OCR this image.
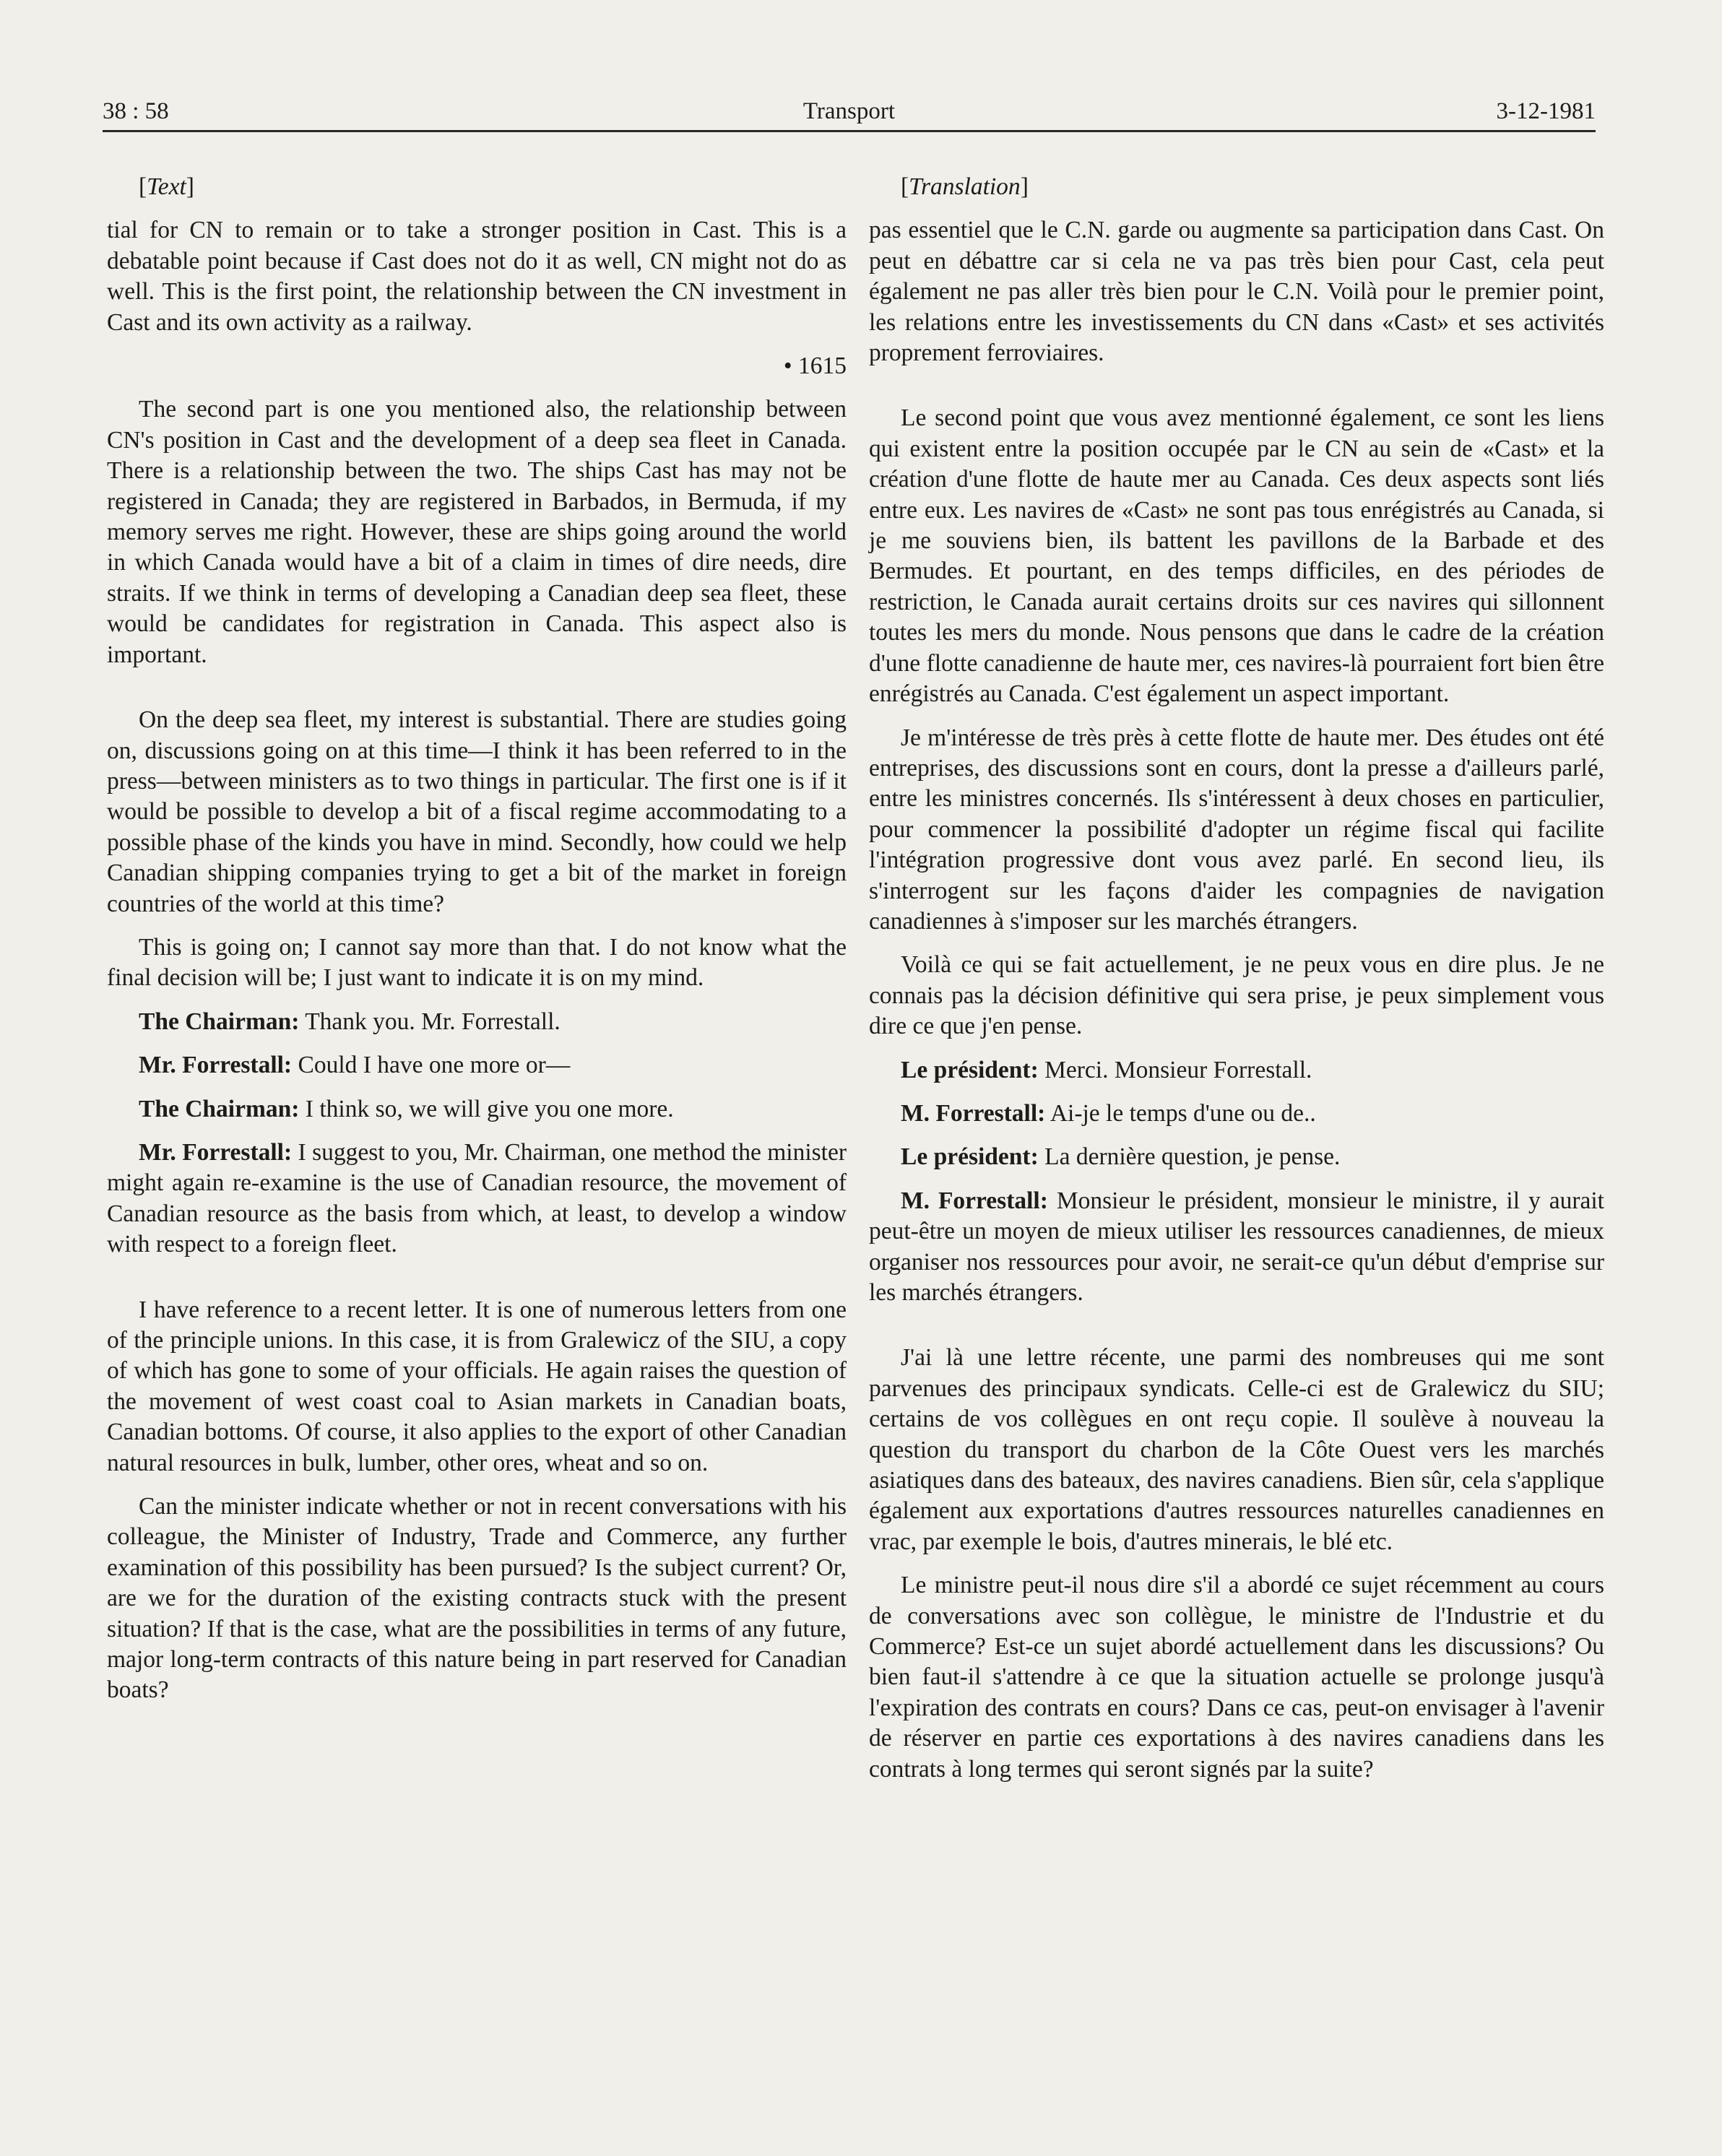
38 : 58	Transport	3-12-1981

[Text]

tial for CN to remain or to take a stronger position in Cast. This is a debatable point because if Cast does not do it as well, CN might not do as well. This is the first point, the relationship between the CN investment in Cast and its own activity as a railway.

• 1615

The second part is one you mentioned also, the relationship between CN's position in Cast and the development of a deep sea fleet in Canada. There is a relationship between the two. The ships Cast has may not be registered in Canada; they are registered in Barbados, in Bermuda, if my memory serves me right. However, these are ships going around the world in which Canada would have a bit of a claim in times of dire needs, dire straits. If we think in terms of developing a Canadian deep sea fleet, these would be candidates for registration in Canada. This aspect also is important.

On the deep sea fleet, my interest is substantial. There are studies going on, discussions going on at this time—I think it has been referred to in the press—between ministers as to two things in particular. The first one is if it would be possible to develop a bit of a fiscal regime accommodating to a possible phase of the kinds you have in mind. Secondly, how could we help Canadian shipping companies trying to get a bit of the market in foreign countries of the world at this time?

This is going on; I cannot say more than that. I do not know what the final decision will be; I just want to indicate it is on my mind.

The Chairman: Thank you. Mr. Forrestall.

Mr. Forrestall: Could I have one more or—

The Chairman: I think so, we will give you one more.

Mr. Forrestall: I suggest to you, Mr. Chairman, one method the minister might again re-examine is the use of Canadian resource, the movement of Canadian resource as the basis from which, at least, to develop a window with respect to a foreign fleet.

I have reference to a recent letter. It is one of numerous letters from one of the principle unions. In this case, it is from Gralewicz of the SIU, a copy of which has gone to some of your officials. He again raises the question of the movement of west coast coal to Asian markets in Canadian boats, Canadian bottoms. Of course, it also applies to the export of other Canadian natural resources in bulk, lumber, other ores, wheat and so on.

Can the minister indicate whether or not in recent conversations with his colleague, the Minister of Industry, Trade and Commerce, any further examination of this possibility has been pursued? Is the subject current? Or, are we for the duration of the existing contracts stuck with the present situation? If that is the case, what are the possibilities in terms of any future, major long-term contracts of this nature being in part reserved for Canadian boats?

[Translation]

pas essentiel que le C.N. garde ou augmente sa participation dans Cast. On peut en débattre car si cela ne va pas très bien pour Cast, cela peut également ne pas aller très bien pour le C.N. Voilà pour le premier point, les relations entre les investissements du CN dans «Cast» et ses activités proprement ferroviaires.

Le second point que vous avez mentionné également, ce sont les liens qui existent entre la position occupée par le CN au sein de «Cast» et la création d'une flotte de haute mer au Canada. Ces deux aspects sont liés entre eux. Les navires de «Cast» ne sont pas tous enrégistrés au Canada, si je me souviens bien, ils battent les pavillons de la Barbade et des Bermudes. Et pourtant, en des temps difficiles, en des périodes de restriction, le Canada aurait certains droits sur ces navires qui sillonnent toutes les mers du monde. Nous pensons que dans le cadre de la création d'une flotte canadienne de haute mer, ces navires-là pourraient fort bien être enrégistrés au Canada. C'est également un aspect important.

Je m'intéresse de très près à cette flotte de haute mer. Des études ont été entreprises, des discussions sont en cours, dont la presse a d'ailleurs parlé, entre les ministres concernés. Ils s'intéressent à deux choses en particulier, pour commencer la possibilité d'adopter un régime fiscal qui facilite l'intégration progressive dont vous avez parlé. En second lieu, ils s'interrogent sur les façons d'aider les compagnies de navigation canadiennes à s'imposer sur les marchés étrangers.

Voilà ce qui se fait actuellement, je ne peux vous en dire plus. Je ne connais pas la décision définitive qui sera prise, je peux simplement vous dire ce que j'en pense.

Le président: Merci. Monsieur Forrestall.

M. Forrestall: Ai-je le temps d'une ou de..

Le président: La dernière question, je pense.

M. Forrestall: Monsieur le président, monsieur le ministre, il y aurait peut-être un moyen de mieux utiliser les ressources canadiennes, de mieux organiser nos ressources pour avoir, ne serait-ce qu'un début d'emprise sur les marchés étrangers.

J'ai là une lettre récente, une parmi des nombreuses qui me sont parvenues des principaux syndicats. Celle-ci est de Gralewicz du SIU; certains de vos collègues en ont reçu copie. Il soulève à nouveau la question du transport du charbon de la Côte Ouest vers les marchés asiatiques dans des bateaux, des navires canadiens. Bien sûr, cela s'applique également aux exportations d'autres ressources naturelles canadiennes en vrac, par exemple le bois, d'autres minerais, le blé etc.

Le ministre peut-il nous dire s'il a abordé ce sujet récemment au cours de conversations avec son collègue, le ministre de l'Industrie et du Commerce? Est-ce un sujet abordé actuellement dans les discussions? Ou bien faut-il s'attendre à ce que la situation actuelle se prolonge jusqu'à l'expiration des contrats en cours? Dans ce cas, peut-on envisager à l'avenir de réserver en partie ces exportations à des navires canadiens dans les contrats à long termes qui seront signés par la suite?
